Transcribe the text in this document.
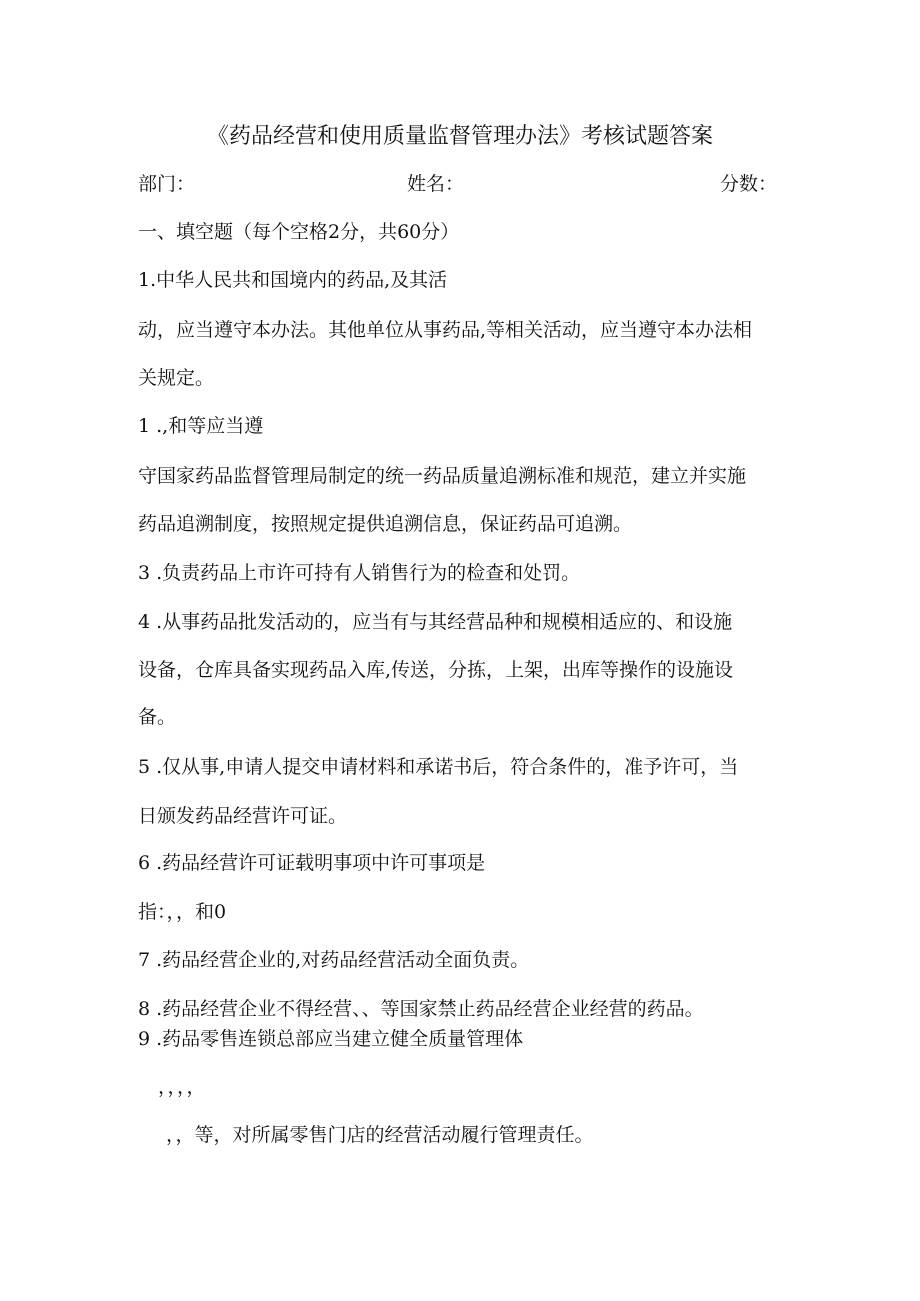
《药品经营和使用质量监督管理办法》考核试题答案

部门：	姓名：	分数：

一、填空题（每个空格2分，共60分）

1.中华人民共和国境内的药品,及其活

动，应当遵守本办法。其他单位从事药品,等相关活动，应当遵守本办法相

关规定。

1 .,和等应当遵

守国家药品监督管理局制定的统一药品质量追溯标准和规范，建立并实施

药品追溯制度，按照规定提供追溯信息，保证药品可追溯。

3 .负责药品上市许可持有人销售行为的检查和处罚。

4 .从事药品批发活动的，应当有与其经营品种和规模相适应的、和设施

设备，仓库具备实现药品入库,传送，分拣，上架，出库等操作的设施设

备。

5 .仅从事,申请人提交申请材料和承诺书后，符合条件的，准予许可，当

日颁发药品经营许可证。

6 .药品经营许可证载明事项中许可事项是

指：，，和0

7 .药品经营企业的,对药品经营活动全面负责。

8 .药品经营企业不得经营、、等国家禁止药品经营企业经营的药品。

9 .药品零售连锁总部应当建立健全质量管理体

，，，，

，，等，对所属零售门店的经营活动履行管理责任。
